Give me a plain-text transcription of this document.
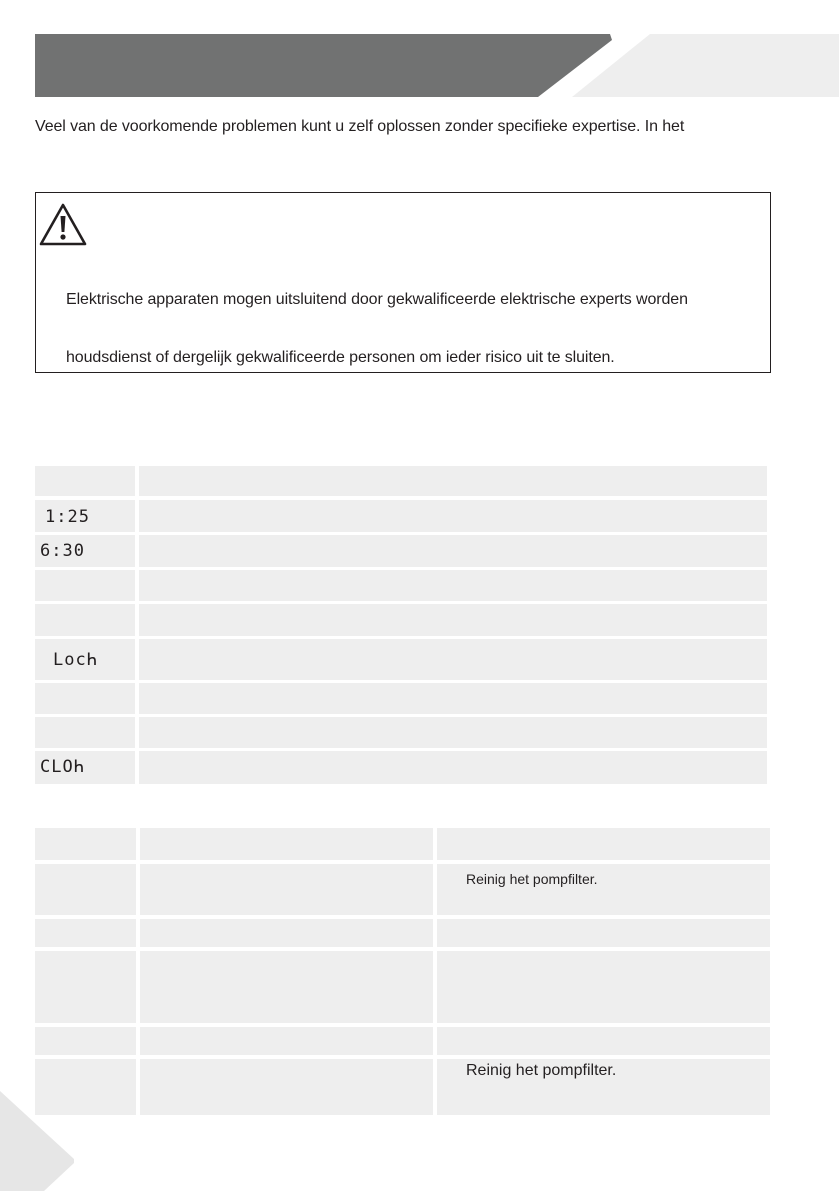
Veel van de voorkomende problemen kunt u zelf oplossen zonder specifieke expertise. In het
Elektrische apparaten mogen uitsluitend door gekwalificeerde elektrische experts worden
houdsdienst of dergelijk gekwalificeerde personen om ieder risico uit te sluiten.
1:25
6:30
LocҺ
CLOҺ
Reinig het pompfilter.
Reinig het pompfilter.
